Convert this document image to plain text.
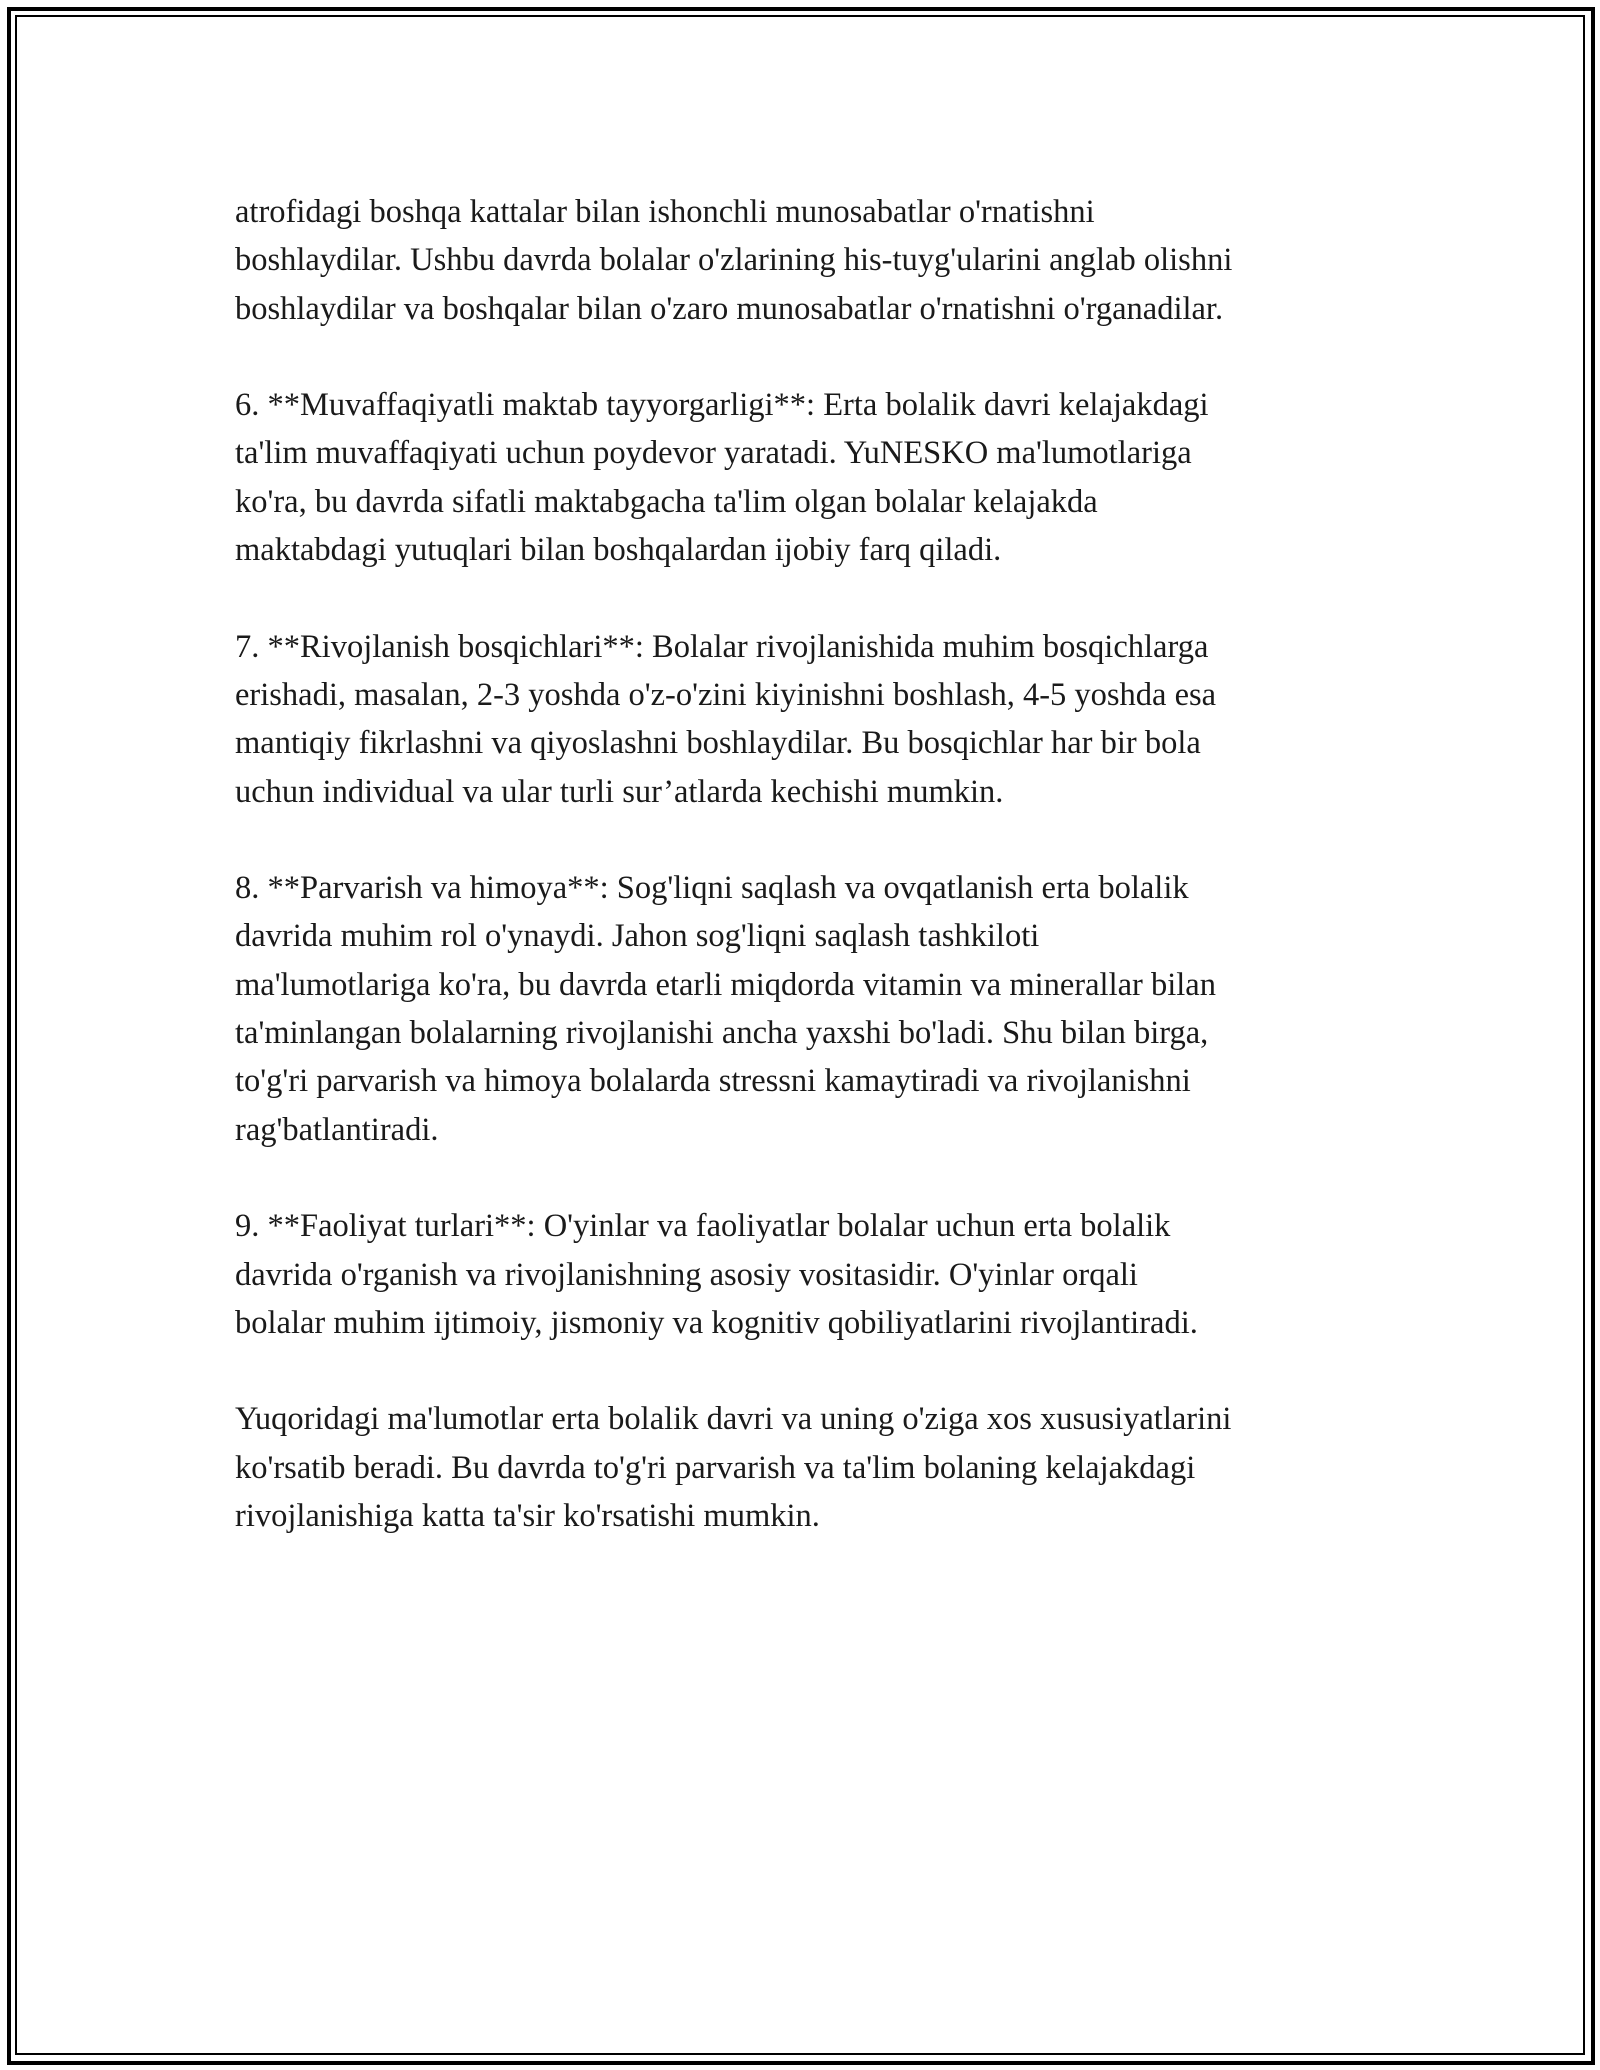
atrofidagi boshqa kattalar bilan ishonchli munosabatlar o'rnatishni
boshlaydilar. Ushbu davrda bolalar o'zlarining his-tuyg'ularini anglab olishni
boshlaydilar va boshqalar bilan o'zaro munosabatlar o'rnatishni o'rganadilar.

6. **Muvaffaqiyatli maktab tayyorgarligi**: Erta bolalik davri kelajakdagi
ta'lim muvaffaqiyati uchun poydevor yaratadi. YuNESKO ma'lumotlariga
ko'ra, bu davrda sifatli maktabgacha ta'lim olgan bolalar kelajakda
maktabdagi yutuqlari bilan boshqalardan ijobiy farq qiladi.

7. **Rivojlanish bosqichlari**: Bolalar rivojlanishida muhim bosqichlarga
erishadi, masalan, 2-3 yoshda o'z-o'zini kiyinishni boshlash, 4-5 yoshda esa
mantiqiy fikrlashni va qiyoslashni boshlaydilar. Bu bosqichlar har bir bola
uchun individual va ular turli sur’atlarda kechishi mumkin.

8. **Parvarish va himoya**: Sog'liqni saqlash va ovqatlanish erta bolalik
davrida muhim rol o'ynaydi. Jahon sog'liqni saqlash tashkiloti
ma'lumotlariga ko'ra, bu davrda etarli miqdorda vitamin va minerallar bilan
ta'minlangan bolalarning rivojlanishi ancha yaxshi bo'ladi. Shu bilan birga,
to'g'ri parvarish va himoya bolalarda stressni kamaytiradi va rivojlanishni
rag'batlantiradi.

9. **Faoliyat turlari**: O'yinlar va faoliyatlar bolalar uchun erta bolalik
davrida o'rganish va rivojlanishning asosiy vositasidir. O'yinlar orqali
bolalar muhim ijtimoiy, jismoniy va kognitiv qobiliyatlarini rivojlantiradi.

Yuqoridagi ma'lumotlar erta bolalik davri va uning o'ziga xos xususiyatlarini
ko'rsatib beradi. Bu davrda to'g'ri parvarish va ta'lim bolaning kelajakdagi
rivojlanishiga katta ta'sir ko'rsatishi mumkin.
